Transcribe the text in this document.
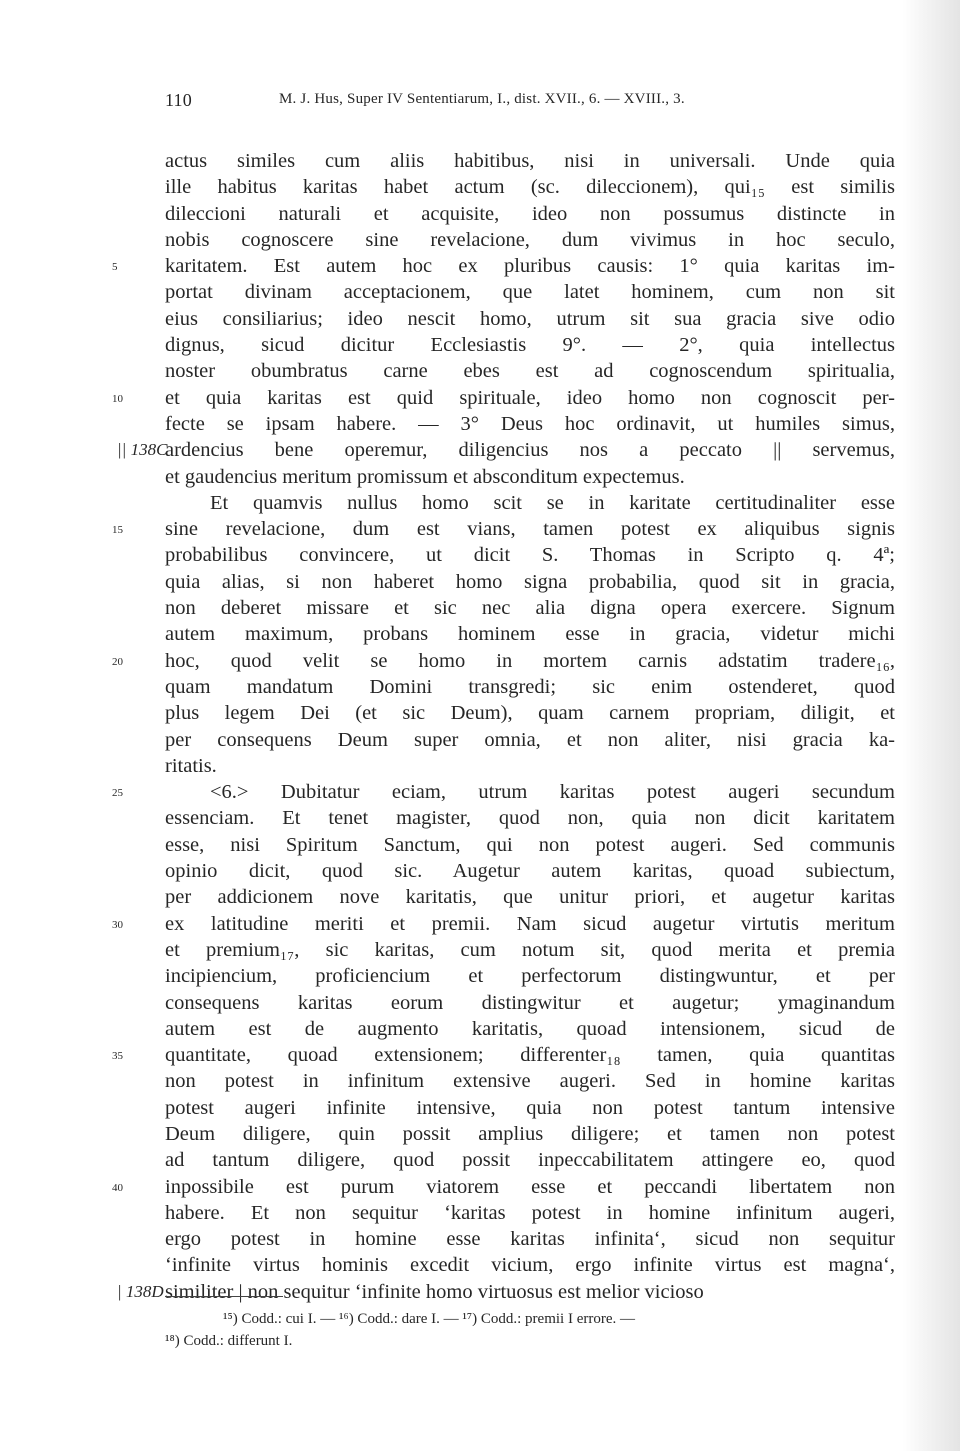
110	M. J. Hus, Super IV Sententiarum, I., dist. XVII., 6. — XVIII., 3.
actus similes cum aliis habitibus, nisi in universali. Unde quia
ille habitus karitas habet actum (sc. dileccionem), qui₁₅ est similis
dileccioni naturali et acquisite, ideo non possumus distincte in
nobis cognoscere sine revelacione, dum vivimus in hoc seculo,
5	karitatem. Est autem hoc ex pluribus causis: 1° quia karitas im-
portat divinam acceptacionem, que latet hominem, cum non sit
eius consiliarius; ideo nescit homo, utrum sit sua gracia sive odio
dignus, sicud dicitur Ecclesiastis 9°. — 2°, quia intellectus
noster obumbratus carne ebes est ad cognoscendum spiritualia,
10	et quia karitas est quid spirituale, ideo homo non cognoscit per-
fecte se ipsam habere. — 3° Deus hoc ordinavit, ut humiles simus,
|| 138C
ardencius bene operemur, diligencius nos a peccato || servemus,
et gaudencius meritum promissum et absconditum expectemus.
Et quamvis nullus homo scit se in karitate certitudinaliter esse
15	sine revelacione, dum est vians, tamen potest ex aliquibus signis
probabilibus convincere, ut dicit S. Thomas in Scripto q. 4ª;
quia alias, si non haberet homo signa probabilia, quod sit in gracia,
non deberet missare et sic nec alia digna opera exercere. Signum
autem maximum, probans hominem esse in gracia, videtur michi
20	hoc, quod velit se homo in mortem carnis adstatim tradere₁₆,
quam mandatum Domini transgredi; sic enim ostenderet, quod
plus legem Dei (et sic Deum), quam carnem propriam, diligit, et
per consequens Deum super omnia, et non aliter, nisi gracia ka-
ritatis.
25	<6.> Dubitatur eciam, utrum karitas potest augeri secundum
essenciam. Et tenet magister, quod non, quia non dicit karitatem
esse, nisi Spiritum Sanctum, qui non potest augeri. Sed communis
opinio dicit, quod sic. Augetur autem karitas, quoad subiectum,
per addicionem nove karitatis, que unitur priori, et augetur karitas
30	ex latitudine meriti et premii. Nam sicud augetur virtutis meritum
et premium₁₇, sic karitas, cum notum sit, quod merita et premia
incipiencium, proficiencium et perfectorum distingwuntur, et per
consequens karitas eorum distingwitur et augetur; ymaginandum
autem est de augmento karitatis, quoad intensionem, sicud de
35	quantitate, quoad extensionem; differenter₁₈ tamen, quia quantitas
non potest in infinitum extensive augeri. Sed in homine karitas
potest augeri infinite intensive, quia non potest tantum intensive
Deum diligere, quin possit amplius diligere; et tamen non potest
ad tantum diligere, quod possit inpeccabilitatem attingere eo, quod
40	inpossibile est purum viatorem esse et peccandi libertatem non
habere. Et non sequitur ‘karitas potest in homine infinitum augeri,
ergo potest in homine esse karitas infinita‘, sicud non sequitur
‘infinite virtus hominis excedit vicium, ergo infinite virtus est magna‘,
| 138D similiter | non sequitur ‘infinite homo virtuosus est melior vicioso
¹⁵) Codd.: cui I. — ¹⁶) Codd.: dare I. — ¹⁷) Codd.: premii I errore. —
¹⁸) Codd.: differunt I.
